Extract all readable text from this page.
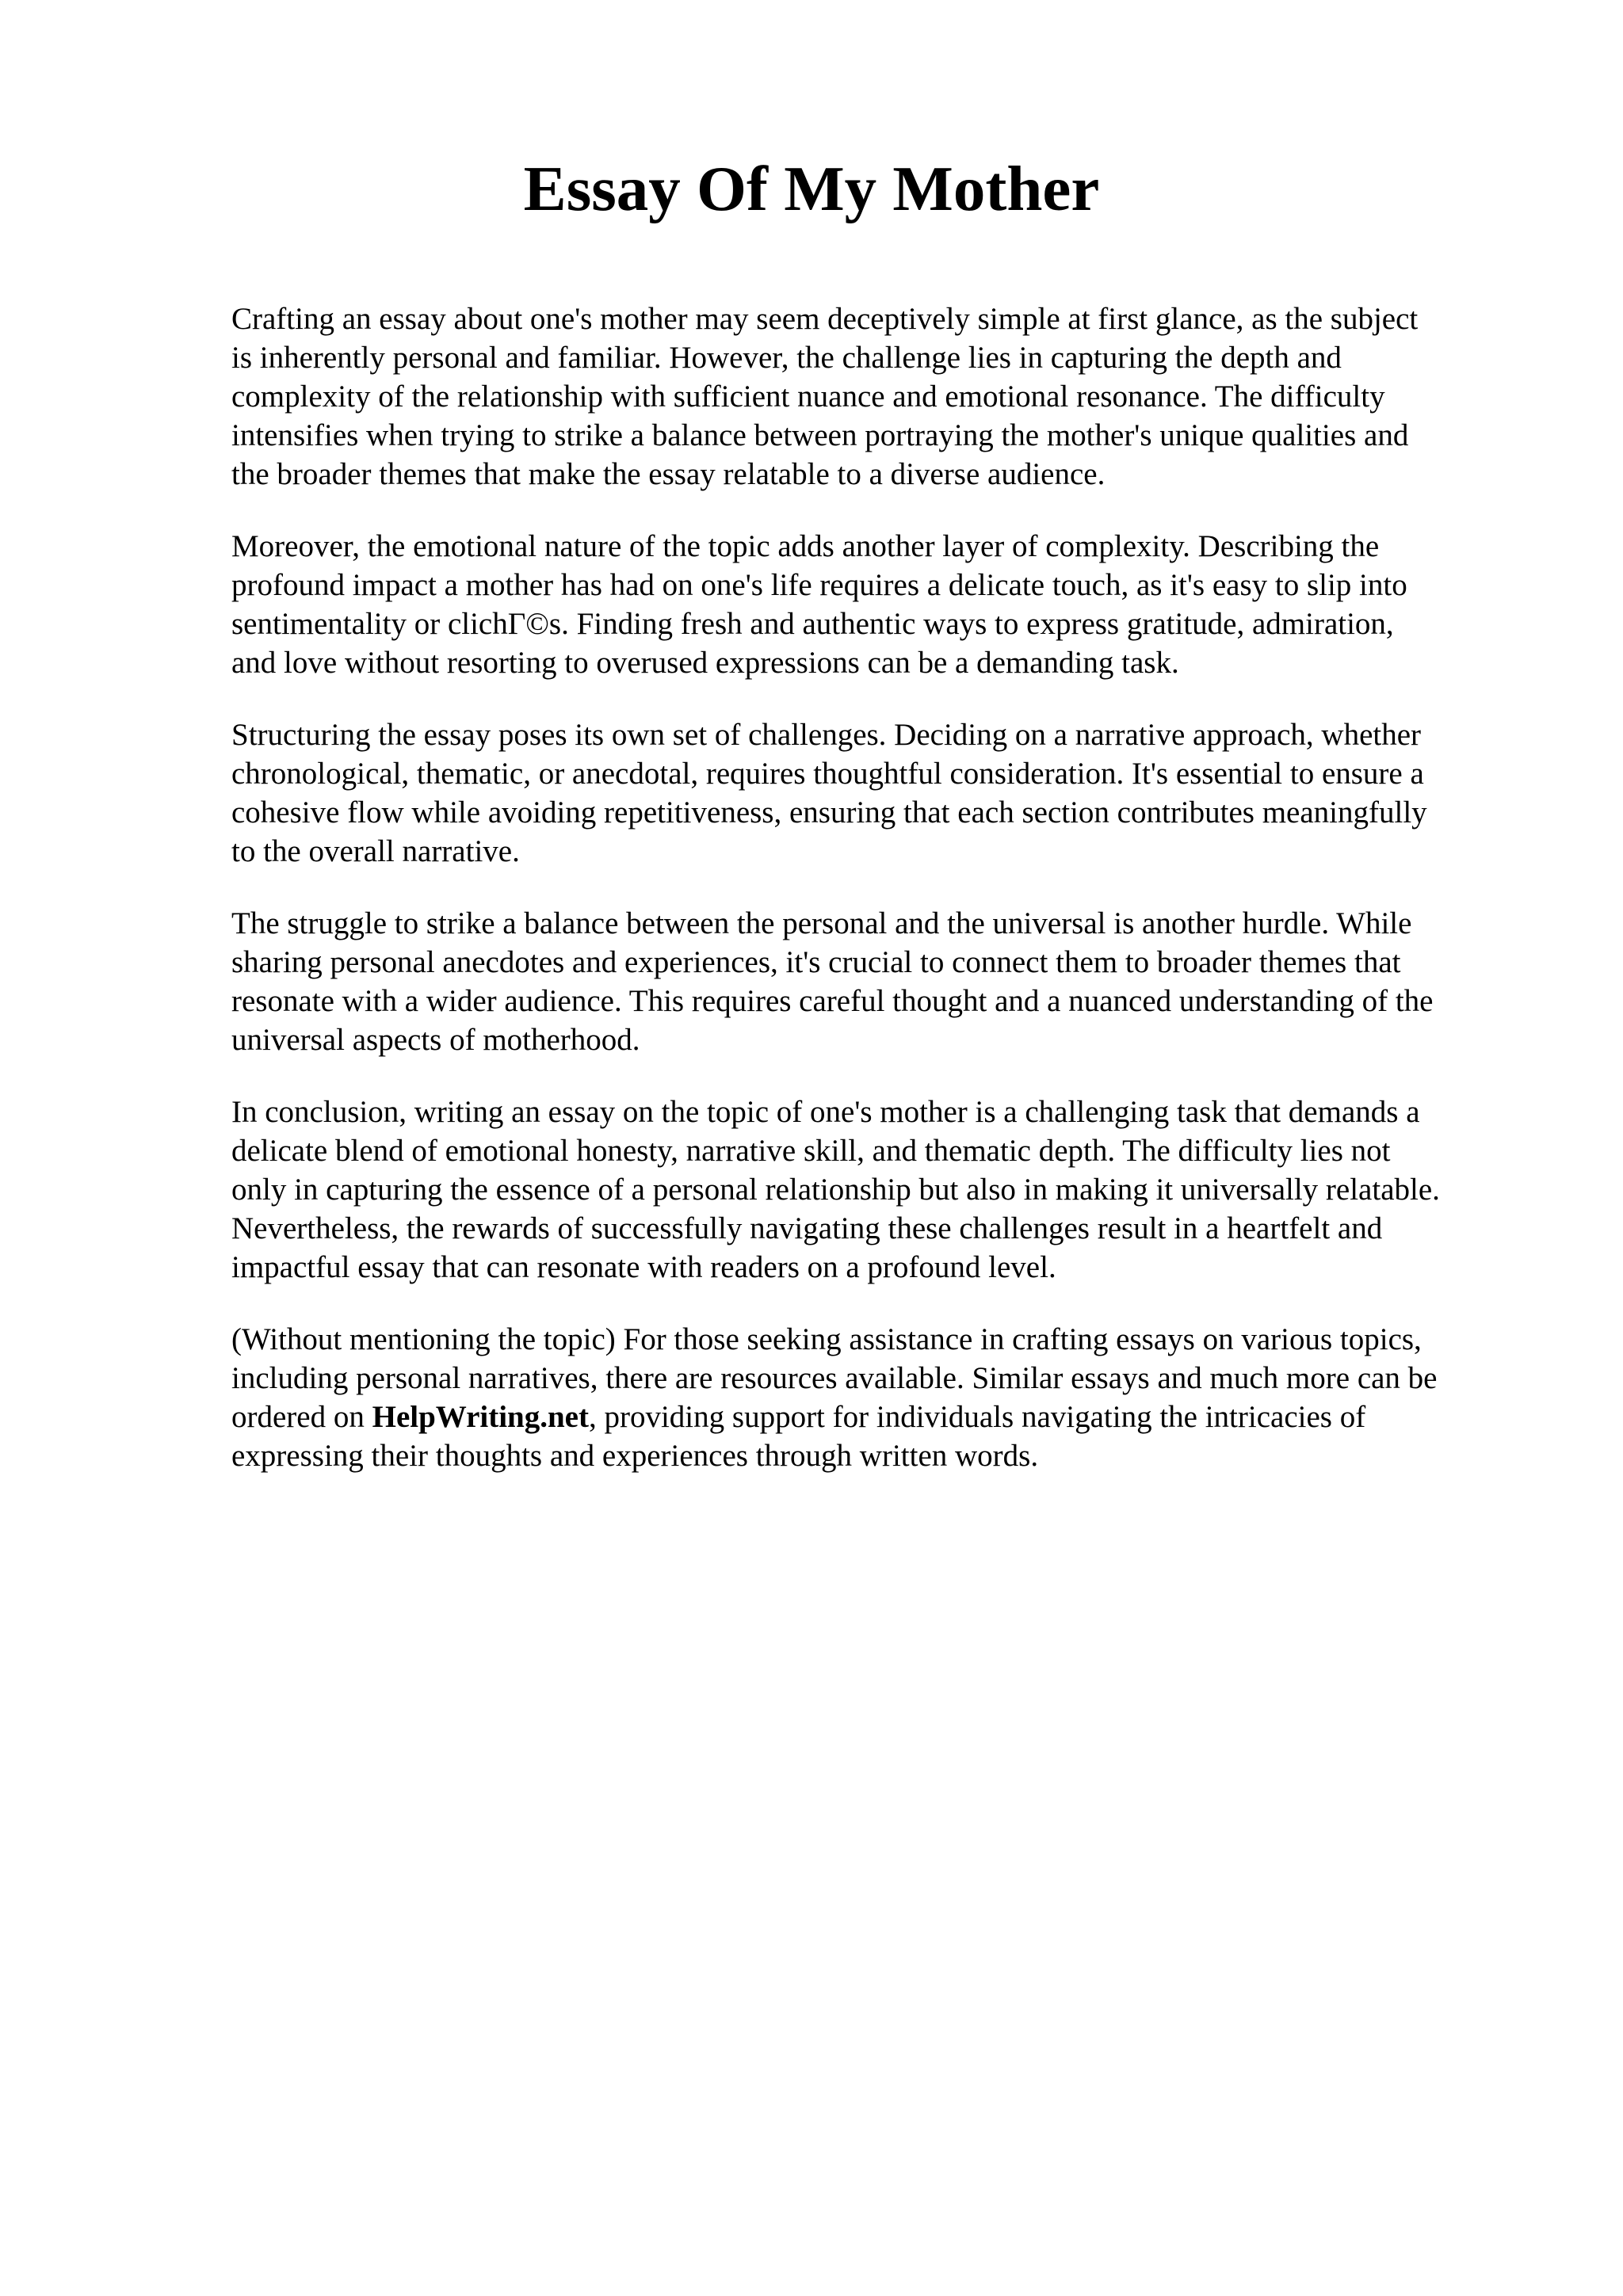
Essay Of My Mother

Crafting an essay about one's mother may seem deceptively simple at first glance, as the subject
is inherently personal and familiar. However, the challenge lies in capturing the depth and
complexity of the relationship with sufficient nuance and emotional resonance. The difficulty
intensifies when trying to strike a balance between portraying the mother's unique qualities and
the broader themes that make the essay relatable to a diverse audience.

Moreover, the emotional nature of the topic adds another layer of complexity. Describing the
profound impact a mother has had on one's life requires a delicate touch, as it's easy to slip into
sentimentality or clichГ©s. Finding fresh and authentic ways to express gratitude, admiration,
and love without resorting to overused expressions can be a demanding task.

Structuring the essay poses its own set of challenges. Deciding on a narrative approach, whether
chronological, thematic, or anecdotal, requires thoughtful consideration. It's essential to ensure a
cohesive flow while avoiding repetitiveness, ensuring that each section contributes meaningfully
to the overall narrative.

The struggle to strike a balance between the personal and the universal is another hurdle. While
sharing personal anecdotes and experiences, it's crucial to connect them to broader themes that
resonate with a wider audience. This requires careful thought and a nuanced understanding of the
universal aspects of motherhood.

In conclusion, writing an essay on the topic of one's mother is a challenging task that demands a
delicate blend of emotional honesty, narrative skill, and thematic depth. The difficulty lies not
only in capturing the essence of a personal relationship but also in making it universally relatable.
Nevertheless, the rewards of successfully navigating these challenges result in a heartfelt and
impactful essay that can resonate with readers on a profound level.

(Without mentioning the topic) For those seeking assistance in crafting essays on various topics,
including personal narratives, there are resources available. Similar essays and much more can be
ordered on HelpWriting.net, providing support for individuals navigating the intricacies of
expressing their thoughts and experiences through written words.
